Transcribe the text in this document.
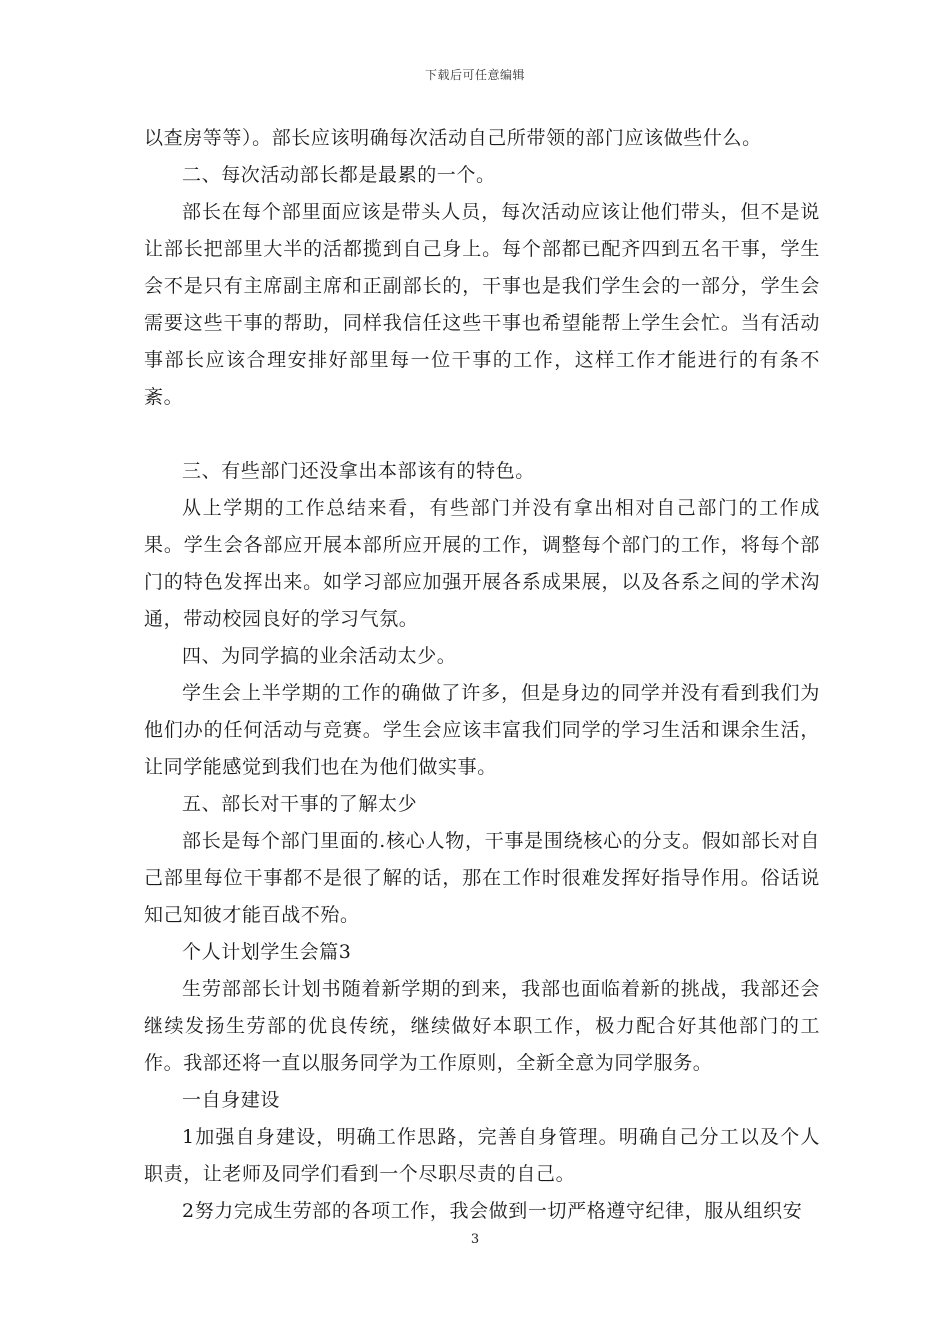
下载后可任意编辑

以查房等等）。部长应该明确每次活动自己所带领的部门应该做些什么。

二、每次活动部长都是最累的一个。

部长在每个部里面应该是带头人员，每次活动应该让他们带头，但不是说让部长把部里大半的活都揽到自己身上。每个部都已配齐四到五名干事，学生会不是只有主席副主席和正副部长的，干事也是我们学生会的一部分，学生会需要这些干事的帮助，同样我信任这些干事也希望能帮上学生会忙。当有活动事部长应该合理安排好部里每一位干事的工作，这样工作才能进行的有条不紊。

三、有些部门还没拿出本部该有的特色。

从上学期的工作总结来看，有些部门并没有拿出相对自己部门的工作成果。学生会各部应开展本部所应开展的工作，调整每个部门的工作，将每个部门的特色发挥出来。如学习部应加强开展各系成果展，以及各系之间的学术沟通，带动校园良好的学习气氛。

四、为同学搞的业余活动太少。

学生会上半学期的工作的确做了许多，但是身边的同学并没有看到我们为他们办的任何活动与竞赛。学生会应该丰富我们同学的学习生活和课余生活，让同学能感觉到我们也在为他们做实事。

五、部长对干事的了解太少

部长是每个部门里面的.核心人物，干事是围绕核心的分支。假如部长对自己部里每位干事都不是很了解的话，那在工作时很难发挥好指导作用。俗话说知己知彼才能百战不殆。

个人计划学生会篇3

生劳部部长计划书随着新学期的到来，我部也面临着新的挑战，我部还会继续发扬生劳部的优良传统，继续做好本职工作，极力配合好其他部门的工作。我部还将一直以服务同学为工作原则，全新全意为同学服务。

一自身建设

1加强自身建设，明确工作思路，完善自身管理。明确自己分工以及个人职责，让老师及同学们看到一个尽职尽责的自己。

2努力完成生劳部的各项工作，我会做到一切严格遵守纪律，服从组织安

3
